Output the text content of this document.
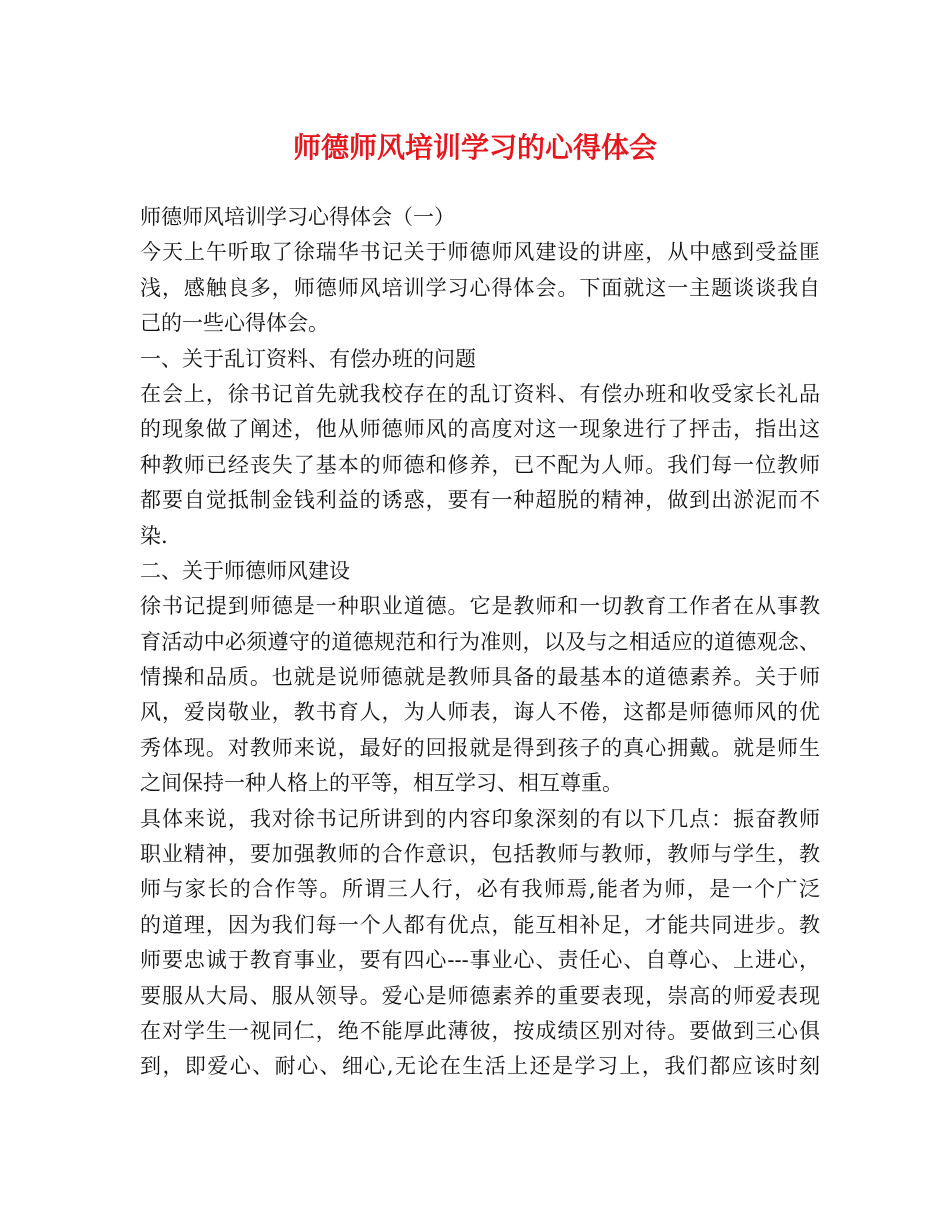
师德师风培训学习的心得体会
师德师风培训学习心得体会（一）
今天上午听取了徐瑞华书记关于师德师风建设的讲座，从中感到受益匪
浅，感触良多，师德师风培训学习心得体会。下面就这一主题谈谈我自
己的一些心得体会。
一、关于乱订资料、有偿办班的问题
在会上，徐书记首先就我校存在的乱订资料、有偿办班和收受家长礼品
的现象做了阐述，他从师德师风的高度对这一现象进行了抨击，指出这
种教师已经丧失了基本的师德和修养，已不配为人师。我们每一位教师
都要自觉抵制金钱利益的诱惑，要有一种超脱的精神，做到出淤泥而不
染.
二、关于师德师风建设
徐书记提到师德是一种职业道德。它是教师和一切教育工作者在从事教
育活动中必须遵守的道德规范和行为准则，以及与之相适应的道德观念、
情操和品质。也就是说师德就是教师具备的最基本的道德素养。关于师
风，爱岗敬业，教书育人，为人师表，诲人不倦，这都是师德师风的优
秀体现。对教师来说，最好的回报就是得到孩子的真心拥戴。就是师生
之间保持一种人格上的平等，相互学习、相互尊重。
具体来说，我对徐书记所讲到的内容印象深刻的有以下几点：振奋教师
职业精神，要加强教师的合作意识，包括教师与教师，教师与学生，教
师与家长的合作等。所谓三人行，必有我师焉,能者为师，是一个广泛
的道理，因为我们每一个人都有优点，能互相补足，才能共同进步。教
师要忠诚于教育事业，要有四心---事业心、责任心、自尊心、上进心，
要服从大局、服从领导。爱心是师德素养的重要表现，崇高的师爱表现
在对学生一视同仁，绝不能厚此薄彼，按成绩区别对待。要做到三心俱
到，即爱心、耐心、细心,无论在生活上还是学习上，我们都应该时刻
